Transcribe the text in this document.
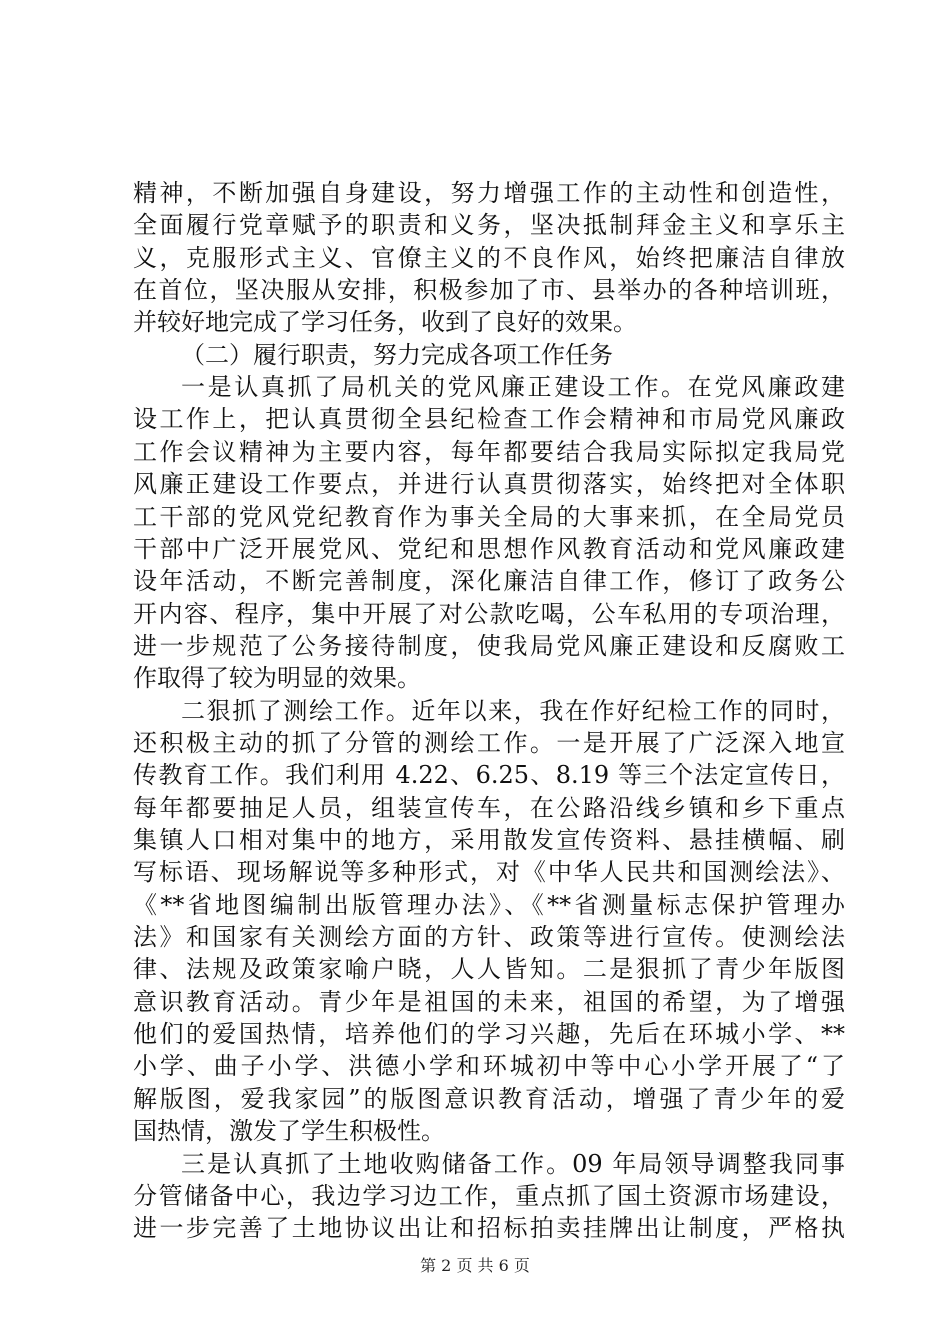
精神，不断加强自身建设，努力增强工作的主动性和创造性，
全面履行党章赋予的职责和义务，坚决抵制拜金主义和享乐主
义，克服形式主义、官僚主义的不良作风，始终把廉洁自律放
在首位，坚决服从安排，积极参加了市、县举办的各种培训班，
并较好地完成了学习任务，收到了良好的效果。
（二）履行职责，努力完成各项工作任务
一是认真抓了局机关的党风廉正建设工作。在党风廉政建
设工作上，把认真贯彻全县纪检查工作会精神和市局党风廉政
工作会议精神为主要内容，每年都要结合我局实际拟定我局党
风廉正建设工作要点，并进行认真贯彻落实，始终把对全体职
工干部的党风党纪教育作为事关全局的大事来抓，在全局党员
干部中广泛开展党风、党纪和思想作风教育活动和党风廉政建
设年活动，不断完善制度，深化廉洁自律工作，修订了政务公
开内容、程序，集中开展了对公款吃喝，公车私用的专项治理，
进一步规范了公务接待制度，使我局党风廉正建设和反腐败工
作取得了较为明显的效果。
二狠抓了测绘工作。近年以来，我在作好纪检工作的同时，
还积极主动的抓了分管的测绘工作。一是开展了广泛深入地宣
传教育工作。我们利用 4.22、6.25、8.19 等三个法定宣传日，
每年都要抽足人员，组装宣传车，在公路沿线乡镇和乡下重点
集镇人口相对集中的地方，采用散发宣传资料、悬挂横幅、刷
写标语、现场解说等多种形式，对《中华人民共和国测绘法》、
《**省地图编制出版管理办法》、《**省测量标志保护管理办
法》和国家有关测绘方面的方针、政策等进行宣传。使测绘法
律、法规及政策家喻户晓，人人皆知。二是狠抓了青少年版图
意识教育活动。青少年是祖国的未来，祖国的希望，为了增强
他们的爱国热情，培养他们的学习兴趣，先后在环城小学、**
小学、曲子小学、洪德小学和环城初中等中心小学开展了“了
解版图，爱我家园”的版图意识教育活动，增强了青少年的爱
国热情，激发了学生积极性。
三是认真抓了土地收购储备工作。09 年局领导调整我同事
分管储备中心，我边学习边工作，重点抓了国土资源市场建设，
进一步完善了土地协议出让和招标拍卖挂牌出让制度，严格执
第 2 页 共 6 页
